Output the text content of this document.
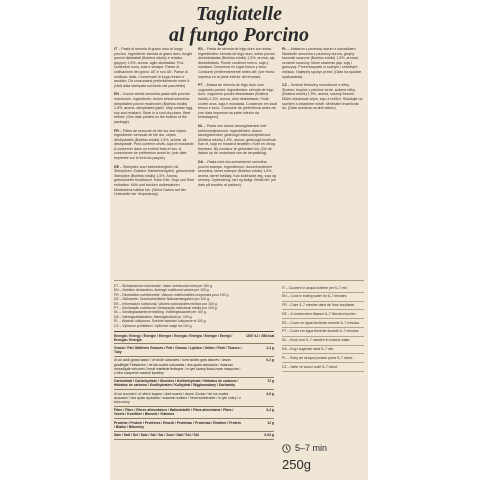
Tagliatelle
al fungo Porcino
IT – Pasta di semola di grano duro al fungo porcino. Ingredienti: semola di grano duro, funghi porcini disidratati (Boletus edulis) e relativo gruppo) 1,5%, aroma, aglio disidratato. Può contenere uova, soia e senape. Paese di coltivazione del grano: UE e non UE. Paese di molitura: Italia. Conservare in luogo fresco e asciutto. Da consumarsi preferibilmente entro il: (Vedi data stampata sul fondo del pacchetto).
EN – Durum wheat semolina pasta with porcine mushroom. Ingredients: durum wheat semolina, dehydrated porcini mushroom (Boletus edulis) 1,5%, aroma, dehydrated garlic. May contain egg, soy and mustard. Store in a cool dry place. Best before: (See date printed on the bottom of the package).
FR – Pâtes de semoule de blé dur aux cèpes. Ingrédients: semoule de blé dur, cèpes déshydratés (Boletus edulis) 1,5%, arôme, ail déshydraté. Peut contenir oeufs, soja et moutarde. A conserver dans un endroit frais et sec. A consommer de préférence avant le: (voir date imprimée sur le fond du paquet).
DE – Steinpilze aus Hartweizengrieß mit Steinpilzen. Zutaten: Hartweizengrieß, getrocknete Steinpilze (Boletus edulis) 1,5%, Aroma, getrockneter Knoblauch. Kann Eier, Soja und Senf enthalten. Kühl und trocken aufbewahren. Mindestens haltbar bis: (Siehe Datum auf der Unterseite der Verpackung).
ES – Pasta de sémola de trigo duro con setas. Ingredientes: sémola de trigo duro, setas porcini deshidratadas (Boletus edulis) 1,5%, aroma, ajo deshidratado. Puede contener huevo, soja y mostaza. Conservar en lugar fresco y seco. Consumir preferentemente antes del: (ver fecha impresa en la parte inferior del envase).
PT – Massa de sêmola de trigo duro com cogumelo porcini. Ingredientes: sêmola de trigo duro, cogumelo porcini desidratado (Boletus edulis) 1,5%, aroma, alho desidratado. Pode conter ovos, soja e mostarda. Conservar em local fresco e seco. Consumir de preferência antes de: (ver data impressa na parte inferior da embalagem).
NL – Pasta van durum tarwegriesmeel met eekhoorntjesbrood. Ingrediënten: durum tarwegriesmeel, gedroogd eekhoorntjesbrood (Boletus edulis) 1,5%, aroma, gedroogd knoflook. Kan ei, soja en mosterd bevatten. Koel en droog bewaren. Bij voorkeur te gebruiken tot: (Zie de datum op de onderkant van de verpakking).
DA – Pasta med durumhvedemel semolina, porcini svampe. Ingredienser: durumhvedemel semolina, tørret svampe (Boletus edulis) 1,5%, aroma, tørret hvidløg. Kan indeholde æg, soja og sennep. Opbevaring: tørt og køligt. Bedst før: (se dato på bunden af pakken).
PL – Makaron z pszenicy durum z borowikiem. Składniki: semolina z pszenicy durum, grzyby borowiki suszone (Boletus edulis) 1,5%, aromat, czosnek suszony. Może zawierać jaja, soję i gorczycę. Przechowywać w suchym i chłodnym miejscu. Najlepiej spożyć przed: (Data na spodzie opakowania).
CZ – Sušené těstoviny semolinové s hřiby. Složení: krupice z pšenice tvrdé, sušené hřiby (Boletus edulis) 1,5%, aroma, sušený česnek. Může obsahovat vejce, sóju a hořčici. Skladujte na suchém a chladném místě. Minimální trvanlivost do: (Data uvedena na dně balení).
ET – Stchiarazione nutrizionale. Valori nutrizionali medi per 100 g.
EN – Nutrition declaration. Average nutritional values per 100 g.
FR – Déclaration nutritionnelle. Valeurs nutritionnelles moyennes pour 100 g.
DE – Nährwerte. Durchschnittliche Nährwertangaben pro 100 g.
ES – Información nutricional. Valores nutricionales medios por 100 g.
PT – Declaração nutricional. Declaração nutricional média por 100 g.
NL – Voedingswaardevermelding. Voedingswaarde per 100 g.
DA – Næringsdeklaration. Næringsindhold pr. 100 g.
PL – Wartość odżywcza. Średnie wartości odżywcze w 100 g.
CZ – Výživové prohlášení. Výživové údaje na 100 g.
Energia / Energy / Énergie / Energie / Energía / Energia / Energie / Energi / Energia / Energie
1507 kJ / 356 kcal
Grassi / Fat / Matières Grasses / Fett / Grasas / Lípidos / Vetten / Fedt / Tłuszcz / Tuky
1,4 g
di cui acidi grassi saturi / of which saturates / dont acides gras saturés / davon gesättigte Fettsäuren / de las cuales saturadas / dos quais saturados / waarvan verzadigde vetzuren / heraf mættede fedtsyrer / w tym kwasy tłuszczowe nasycone / z toho nasycené mastné kyseliny
0,2 g
Carboidrati / Carbohydrate / Glucides / Kohlenhydrate / Hidratos de carbono / Hidratos de carbono / Koolhydraten / Kulhydrat / Węglowodany / Sacharidy
72 g
di cui zuccheri / of which sugars / dont sucres / davon Zucker / de los cuales azúcares / dos quais açúcares / waarvan suikers / heraf sukkerarter / w tym cukry / z toho cukry
4,5 g
Fibre / Fibre / Fibres alimentaires / Ballaststoffe / Fibra alimentaria / Fibra / Vezels / Kostfibre / Błonnik / Vláknina
3,4 g
Proteine / Protein / Protéines / Eiweiß / Proteínas / Proteínas / Eiwitten / Protein / Białko / Bílkoviny
12 g
Sale / Salt / Sel / Salz / Sal / Sal / Zout / Salt / Sól / Sůl	0,03 g
IT – Cuocere in acqua bollente per 5–7 min.
EN – Cook in boiling water for 5–7 minutes.
FR – Cuire 5–7 minutes dans de l'eau bouillante.
DE – In kochendem Wasser 5–7 Minuten kochen.
ES – Cocer en agua hirviendo durante 5–7 minutos.
PT – Cozer em água fervente durante 5–7 minutos.
NL – Kook voor 5–7 minuten in kokend water.
DA – Kog i kogende vand 5–7 min.
PL – Gotuj we wrzącej wodzie przez 5–7 minut.
CZ – Vařte ve vroucí vodě 5–7 minut.
5–7 min
250g
